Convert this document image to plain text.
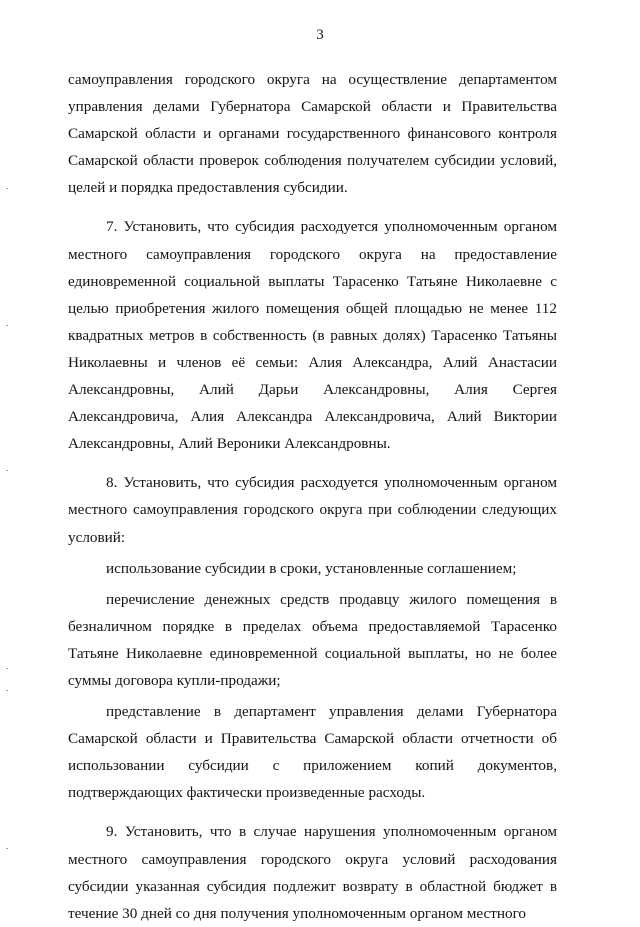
3

самоуправления городского округа на осуществление департаментом управления делами Губернатора Самарской области и Правительства Самарской области и органами государственного финансового контроля Самарской области проверок соблюдения получателем субсидии условий, целей и порядка предоставления субсидии.

7. Установить, что субсидия расходуется уполномоченным органом местного самоуправления городского округа на предоставление единовременной социальной выплаты Тарасенко Татьяне Николаевне с целью приобретения жилого помещения общей площадью не менее 112 квадратных метров в собственность (в равных долях) Тарасенко Татьяны Николаевны и членов её семьи: Алия Александра, Алий Анастасии Александровны, Алий Дарьи Александровны, Алия Сергея Александровича, Алия Александра Александровича, Алий Виктории Александровны, Алий Вероники Александровны.

8. Установить, что субсидия расходуется уполномоченным органом местного самоуправления городского округа при соблюдении следующих условий:

использование субсидии в сроки, установленные соглашением;

перечисление денежных средств продавцу жилого помещения в безналичном порядке в пределах объема предоставляемой Тарасенко Татьяне Николаевне единовременной социальной выплаты, но не более суммы договора купли-продажи;

представление в департамент управления делами Губернатора Самарской области и Правительства Самарской области отчетности об использовании субсидии с приложением копий документов, подтверждающих фактически произведенные расходы.

9. Установить, что в случае нарушения уполномоченным органом местного самоуправления городского округа условий расходования субсидии указанная субсидия подлежит возврату в областной бюджет в течение 30 дней со дня получения уполномоченным органом местного
